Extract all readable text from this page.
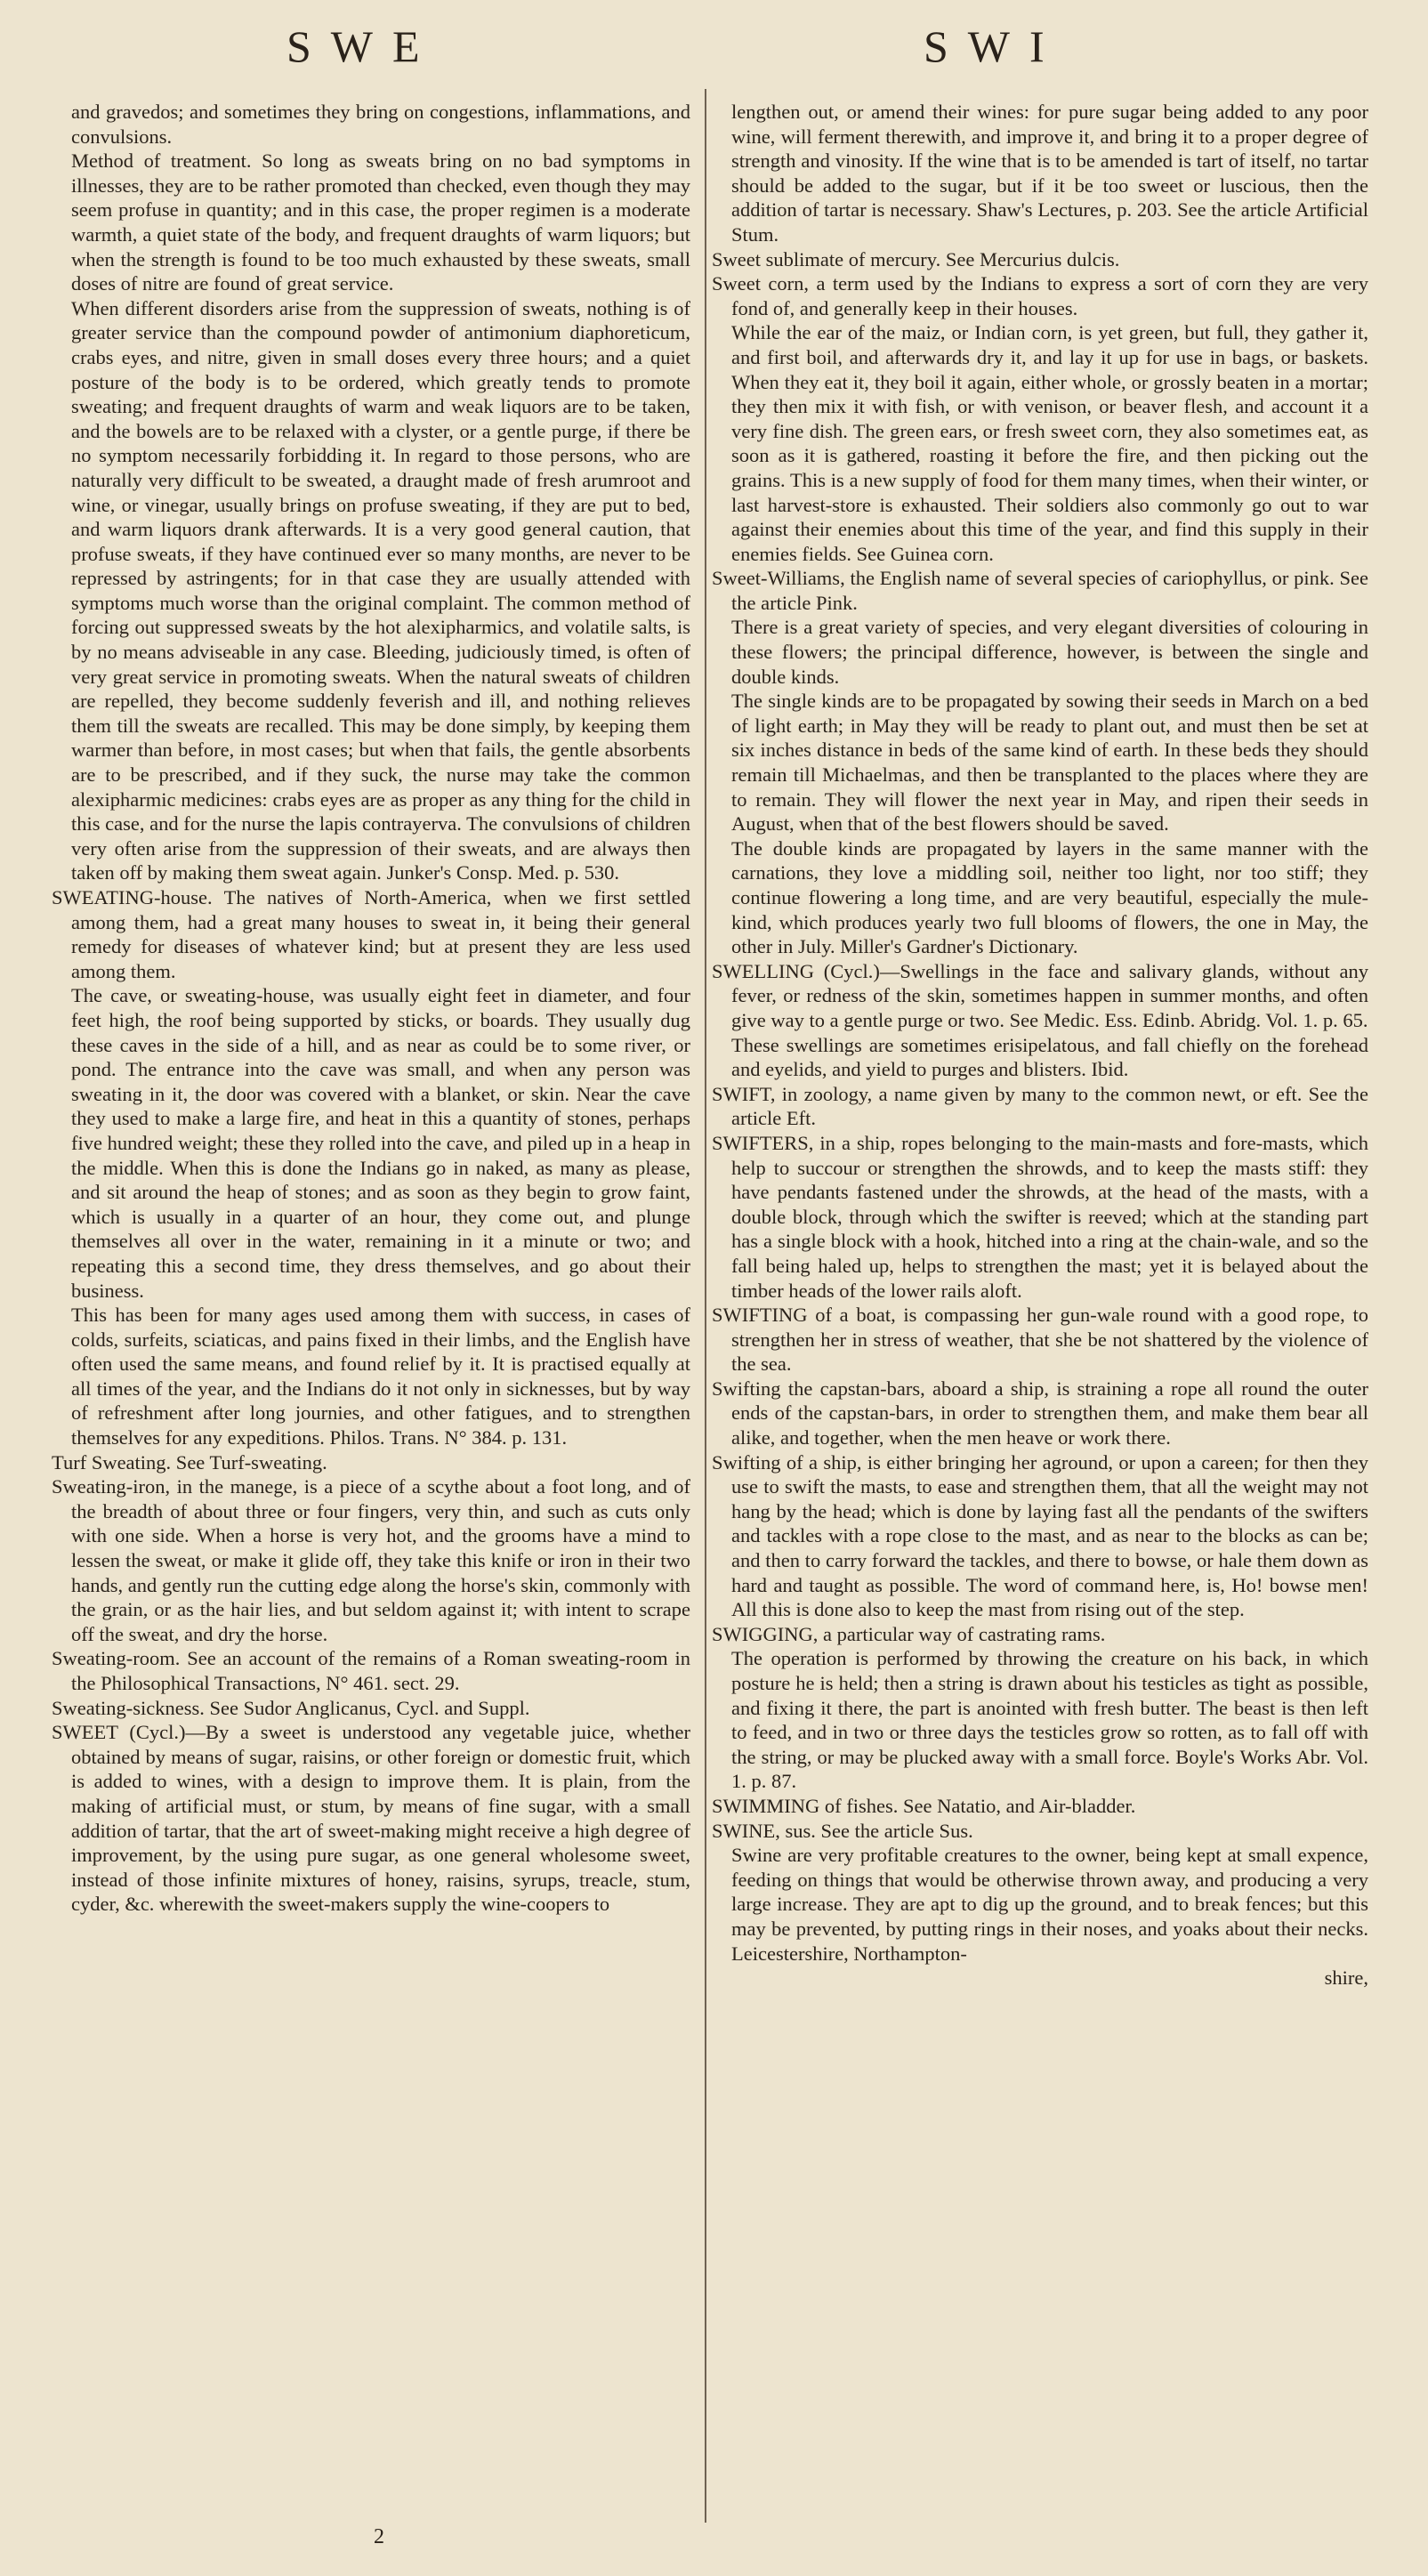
SWE	SWI

and gravedos; and sometimes they bring on congestions, inflammations, and convulsions.

Method of treatment. So long as sweats bring on no bad symptoms in illnesses, they are to be rather promoted than checked, even though they may seem profuse in quantity; and in this case, the proper regimen is a moderate warmth, a quiet state of the body, and frequent draughts of warm liquors; but when the strength is found to be too much exhausted by these sweats, small doses of nitre are found of great service.

When different disorders arise from the suppression of sweats, nothing is of greater service than the compound powder of antimonium diaphoreticum, crabs eyes, and nitre, given in small doses every three hours; and a quiet posture of the body is to be ordered, which greatly tends to promote sweating; and frequent draughts of warm and weak liquors are to be taken, and the bowels are to be relaxed with a clyster, or a gentle purge, if there be no symptom necessarily forbidding it. In regard to those persons, who are naturally very difficult to be sweated, a draught made of fresh arumroot and wine, or vinegar, usually brings on profuse sweating, if they are put to bed, and warm liquors drank afterwards. It is a very good general caution, that profuse sweats, if they have continued ever so many months, are never to be repressed by astringents; for in that case they are usually attended with symptoms much worse than the original complaint. The common method of forcing out suppressed sweats by the hot alexipharmics, and volatile salts, is by no means adviseable in any case. Bleeding, judiciously timed, is often of very great service in promoting sweats. When the natural sweats of children are repelled, they become suddenly feverish and ill, and nothing relieves them till the sweats are recalled. This may be done simply, by keeping them warmer than before, in most cases; but when that fails, the gentle absorbents are to be prescribed, and if they suck, the nurse may take the common alexipharmic medicines: crabs eyes are as proper as any thing for the child in this case, and for the nurse the lapis contrayerva. The convulsions of children very often arise from the suppression of their sweats, and are always then taken off by making them sweat again. Junker's Consp. Med. p. 530.

SWEATING-house. The natives of North-America, when we first settled among them, had a great many houses to sweat in, it being their general remedy for diseases of whatever kind; but at present they are less used among them.

The cave, or sweating-house, was usually eight feet in diameter, and four feet high, the roof being supported by sticks, or boards. They usually dug these caves in the side of a hill, and as near as could be to some river, or pond. The entrance into the cave was small, and when any person was sweating in it, the door was covered with a blanket, or skin. Near the cave they used to make a large fire, and heat in this a quantity of stones, perhaps five hundred weight; these they rolled into the cave, and piled up in a heap in the middle. When this is done the Indians go in naked, as many as please, and sit around the heap of stones; and as soon as they begin to grow faint, which is usually in a quarter of an hour, they come out, and plunge themselves all over in the water, remaining in it a minute or two; and repeating this a second time, they dress themselves, and go about their business.

This has been for many ages used among them with success, in cases of colds, surfeits, sciaticas, and pains fixed in their limbs, and the English have often used the same means, and found relief by it. It is practised equally at all times of the year, and the Indians do it not only in sicknesses, but by way of refreshment after long journies, and other fatigues, and to strengthen themselves for any expeditions. Philos. Trans. N° 384. p. 131.

Turf Sweating. See Turf-sweating.

Sweating-iron, in the manege, is a piece of a scythe about a foot long, and of the breadth of about three or four fingers, very thin, and such as cuts only with one side. When a horse is very hot, and the grooms have a mind to lessen the sweat, or make it glide off, they take this knife or iron in their two hands, and gently run the cutting edge along the horse's skin, commonly with the grain, or as the hair lies, and but seldom against it; with intent to scrape off the sweat, and dry the horse.

Sweating-room. See an account of the remains of a Roman sweating-room in the Philosophical Transactions, N° 461. sect. 29.

Sweating-sickness. See Sudor Anglicanus, Cycl. and Suppl.

SWEET (Cycl.)—By a sweet is understood any vegetable juice, whether obtained by means of sugar, raisins, or other foreign or domestic fruit, which is added to wines, with a design to improve them. It is plain, from the making of artificial must, or stum, by means of fine sugar, with a small addition of tartar, that the art of sweet-making might receive a high degree of improvement, by the using pure sugar, as one general wholesome sweet, instead of those infinite mixtures of honey, raisins, syrups, treacle, stum, cyder, &c. wherewith the sweet-makers supply the wine-coopers to

lengthen out, or amend their wines: for pure sugar being added to any poor wine, will ferment therewith, and improve it, and bring it to a proper degree of strength and vinosity. If the wine that is to be amended is tart of itself, no tartar should be added to the sugar, but if it be too sweet or luscious, then the addition of tartar is necessary. Shaw's Lectures, p. 203. See the article Artificial Stum.

Sweet sublimate of mercury. See Mercurius dulcis.

Sweet corn, a term used by the Indians to express a sort of corn they are very fond of, and generally keep in their houses.

While the ear of the maiz, or Indian corn, is yet green, but full, they gather it, and first boil, and afterwards dry it, and lay it up for use in bags, or baskets. When they eat it, they boil it again, either whole, or grossly beaten in a mortar; they then mix it with fish, or with venison, or beaver flesh, and account it a very fine dish. The green ears, or fresh sweet corn, they also sometimes eat, as soon as it is gathered, roasting it before the fire, and then picking out the grains. This is a new supply of food for them many times, when their winter, or last harvest-store is exhausted. Their soldiers also commonly go out to war against their enemies about this time of the year, and find this supply in their enemies fields. See Guinea corn.

Sweet-Williams, the English name of several species of cariophyllus, or pink. See the article Pink.

There is a great variety of species, and very elegant diversities of colouring in these flowers; the principal difference, however, is between the single and double kinds.

The single kinds are to be propagated by sowing their seeds in March on a bed of light earth; in May they will be ready to plant out, and must then be set at six inches distance in beds of the same kind of earth. In these beds they should remain till Michaelmas, and then be transplanted to the places where they are to remain. They will flower the next year in May, and ripen their seeds in August, when that of the best flowers should be saved.

The double kinds are propagated by layers in the same manner with the carnations, they love a middling soil, neither too light, nor too stiff; they continue flowering a long time, and are very beautiful, especially the mule-kind, which produces yearly two full blooms of flowers, the one in May, the other in July. Miller's Gardner's Dictionary.

SWELLING (Cycl.)—Swellings in the face and salivary glands, without any fever, or redness of the skin, sometimes happen in summer months, and often give way to a gentle purge or two. See Medic. Ess. Edinb. Abridg. Vol. 1. p. 65.

These swellings are sometimes erisipelatous, and fall chiefly on the forehead and eyelids, and yield to purges and blisters. Ibid.

SWIFT, in zoology, a name given by many to the common newt, or eft. See the article Eft.

SWIFTERS, in a ship, ropes belonging to the main-masts and fore-masts, which help to succour or strengthen the shrowds, and to keep the masts stiff: they have pendants fastened under the shrowds, at the head of the masts, with a double block, through which the swifter is reeved; which at the standing part has a single block with a hook, hitched into a ring at the chain-wale, and so the fall being haled up, helps to strengthen the mast; yet it is belayed about the timber heads of the lower rails aloft.

SWIFTING of a boat, is compassing her gun-wale round with a good rope, to strengthen her in stress of weather, that she be not shattered by the violence of the sea.

Swifting the capstan-bars, aboard a ship, is straining a rope all round the outer ends of the capstan-bars, in order to strengthen them, and make them bear all alike, and together, when the men heave or work there.

Swifting of a ship, is either bringing her aground, or upon a careen; for then they use to swift the masts, to ease and strengthen them, that all the weight may not hang by the head; which is done by laying fast all the pendants of the swifters and tackles with a rope close to the mast, and as near to the blocks as can be; and then to carry forward the tackles, and there to bowse, or hale them down as hard and taught as possible. The word of command here, is, Ho! bowse men! All this is done also to keep the mast from rising out of the step.

SWIGGING, a particular way of castrating rams.

The operation is performed by throwing the creature on his back, in which posture he is held; then a string is drawn about his testicles as tight as possible, and fixing it there, the part is anointed with fresh butter. The beast is then left to feed, and in two or three days the testicles grow so rotten, as to fall off with the string, or may be plucked away with a small force. Boyle's Works Abr. Vol. 1. p. 87.

SWIMMING of fishes. See Natatio, and Air-bladder.

SWINE, sus. See the article Sus.

Swine are very profitable creatures to the owner, being kept at small expence, feeding on things that would be otherwise thrown away, and producing a very large increase. They are apt to dig up the ground, and to break fences; but this may be prevented, by putting rings in their noses, and yoaks about their necks. Leicestershire, Northampton-

shire,

2
